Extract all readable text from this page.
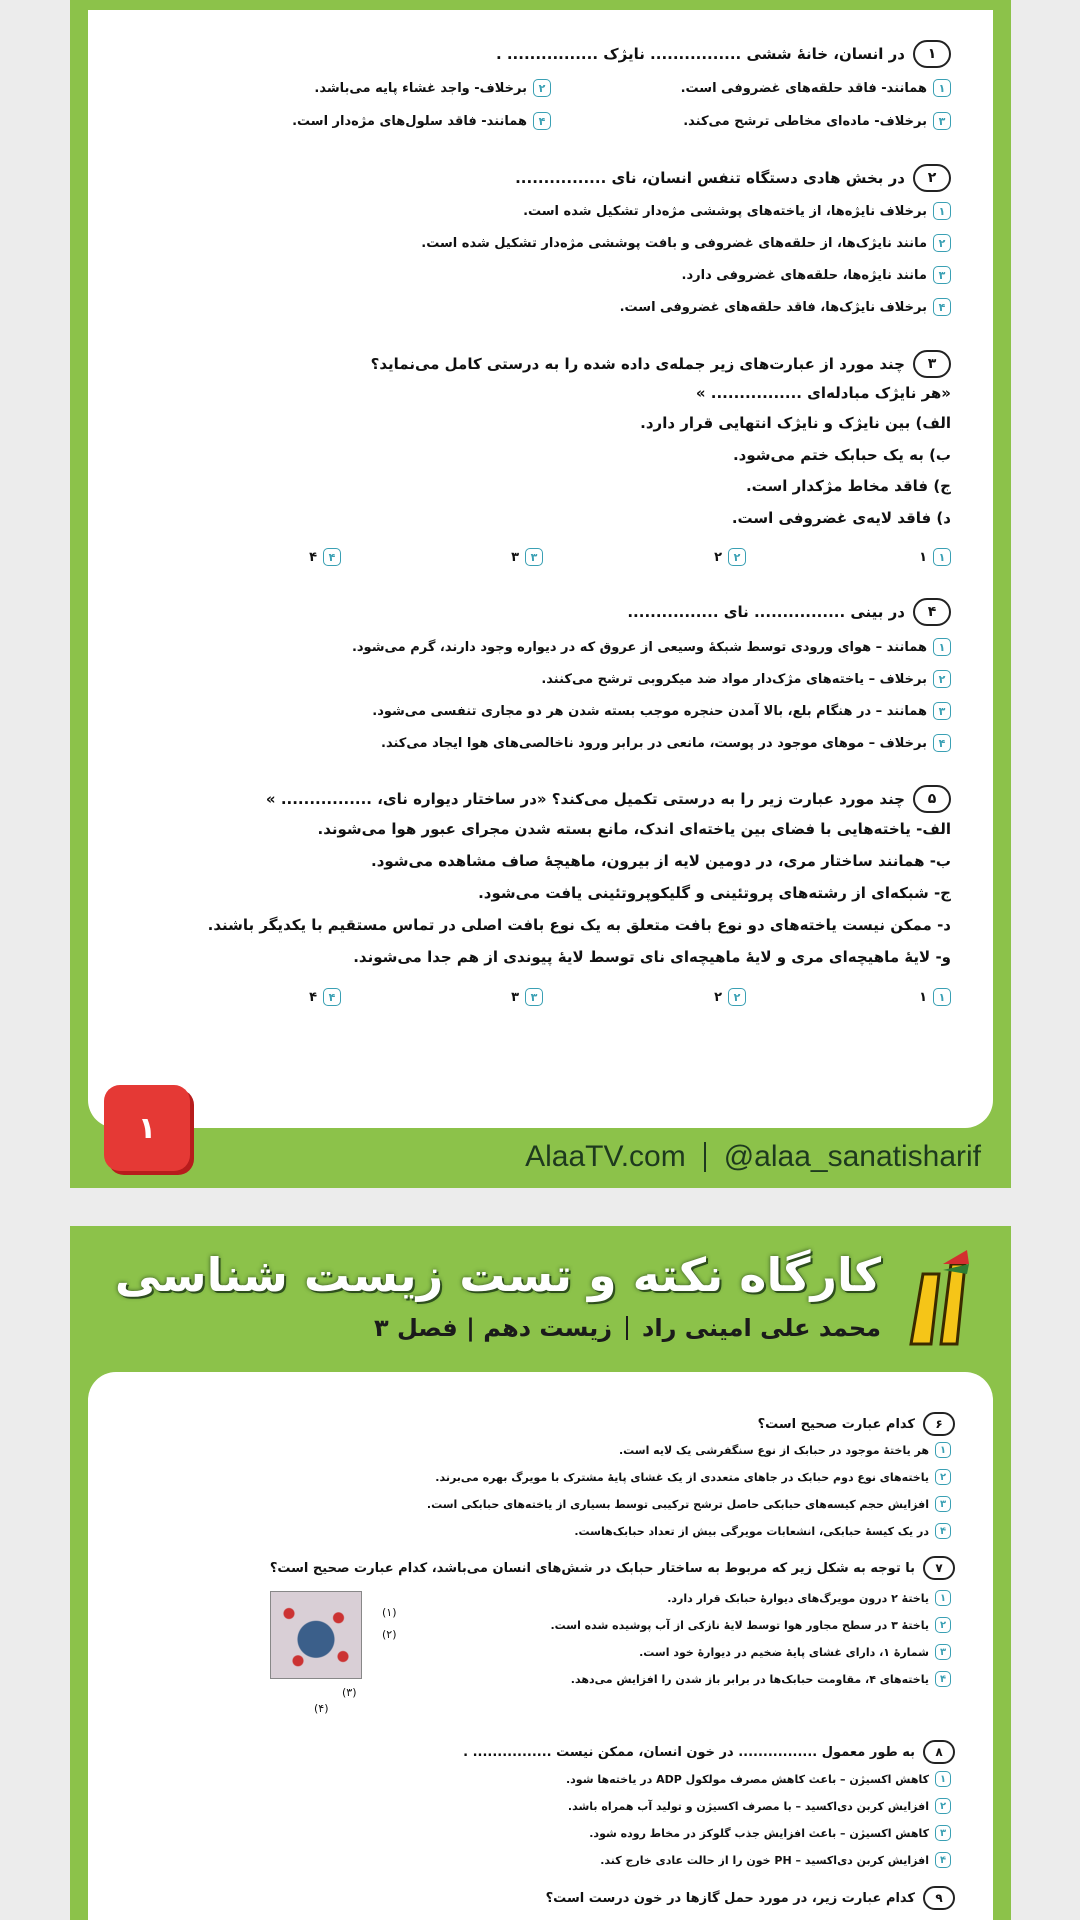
۱
در انسان، خانۀ ششی ................ نایژک ................ .
۱
همانند- فاقد حلقه‌های غضروفی است.
۲
برخلاف- واجد غشاء پایه می‌باشد.
۳
برخلاف- ماده‌ای مخاطی ترشح می‌کند.
۴
همانند- فاقد سلول‌های مژه‌دار است.
۲
در بخش هادی دستگاه تنفس انسان، نای ................
۱
برخلاف نایژه‌ها، از یاخته‌های پوششی مژه‌دار تشکیل شده است.
۲
مانند نایژک‌ها، از حلقه‌های غضروفی و بافت پوششی مژه‌دار تشکیل شده است.
۳
مانند نایژه‌ها، حلقه‌های غضروفی دارد.
۴
برخلاف نایژک‌ها، فاقد حلقه‌های غضروفی است.
۳
چند مورد از عبارت‌های زیر جمله‌ی داده شده را به درستی کامل می‌نماید؟
«هر نایژک مبادله‌ای ................ »
الف) بین نایژک و نایژک انتهایی قرار دارد.
ب) به یک حبابک ختم می‌شود.
ج) فاقد مخاط مژکدار است.
د) فاقد لایه‌ی غضروفی است.
۱
۱
۲
۲
۳
۳
۴
۴
۴
در بینی ................ نای ................
۱
همانند – هوای ورودی توسط شبکۀ وسیعی از عروق که در دیواره وجود دارند، گرم می‌شود.
۲
برخلاف – یاخته‌های مژک‌دار مواد ضد میکروبی ترشح می‌کنند.
۳
همانند – در هنگام بلع، بالا آمدن حنجره موجب بسته شدن هر دو مجاری تنفسی می‌شود.
۴
برخلاف – موهای موجود در پوست، مانعی در برابر ورود ناخالصی‌های هوا ایجاد می‌کند.
۵
چند مورد عبارت زیر را به درستی تکمیل می‌کند؟ «در ساختار دیواره نای، ................ »
الف- یاخته‌هایی با فضای بین یاخته‌ای اندک، مانع بسته شدن مجرای عبور هوا می‌شوند.
ب- همانند ساختار مری، در دومین لایه از بیرون، ماهیچۀ صاف مشاهده می‌شود.
ج- شبکه‌ای از رشته‌های پروتئینی و گلیکوپروتئینی یافت می‌شود.
د- ممکن نیست یاخته‌های دو نوع بافت متعلق به یک نوع بافت اصلی در تماس مستقیم با یکدیگر باشند.
و- لایۀ ماهیچه‌ای مری و لایۀ ماهیچه‌ای نای توسط لایۀ پیوندی از هم جدا می‌شوند.
۱
۱
۲
۲
۳
۳
۴
۴
۱
AlaaTV.com @alaa_sanatisharif
کارگاه نکته و تست زیست شناسی
محمد علی امینی راد
زیست دهم | فصل ۳
۶
کدام عبارت صحیح است؟
۱
هر یاختۀ موجود در حبابک از نوع سنگفرشی یک لایه است.
۲
یاخته‌های نوع دوم حبابک در جاهای متعددی از یک غشای پایۀ مشترک با مویرگ بهره می‌برند.
۳
افزایش حجم کیسه‌های حبابکی حاصل ترشح ترکیبی توسط بسیاری از یاخته‌های حبابکی است.
۴
در یک کیسۀ حبابکی، انشعابات مویرگی بیش از تعداد حبابک‌هاست.
۷
با توجه به شکل زیر که مربوط به ساختار حبابک در شش‌های انسان می‌باشد، کدام عبارت صحیح است؟
۱
یاختۀ ۲ درون مویرگ‌های دیوارۀ حبابک قرار دارد.
۲
یاختۀ ۳ در سطح مجاور هوا توسط لایۀ نازکی از آب پوشیده شده است.
۳
شمارۀ ۱، دارای غشای پایۀ ضخیم در دیوارۀ خود است.
۴
یاخته‌های ۴، مقاومت حبابک‌ها در برابر باز شدن را افزایش می‌دهد.
(۱)
(۲)
(۳)
(۴)
۸
به طور معمول ................ در خون انسان، ممکن نیست ................ .
۱
کاهش اکسیژن – باعث کاهش مصرف مولکول ADP در یاخته‌ها شود.
۲
افزایش کربن دی‌اکسید – با مصرف اکسیژن و تولید آب همراه باشد.
۳
کاهش اکسیژن – باعث افزایش جذب گلوکز در مخاط روده شود.
۴
افزایش کربن دی‌اکسید – PH خون را از حالت عادی خارج کند.
۹
کدام عبارت زیر، در مورد حمل گازها در خون درست است؟
